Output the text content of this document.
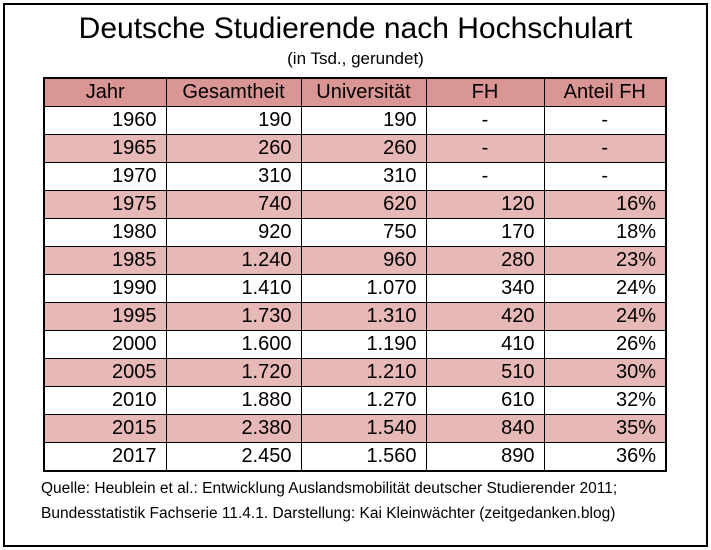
Deutsche Studierende nach Hochschulart
(in Tsd., gerundet)
Jahr	Gesamtheit	Universität	FH	Anteil FH
1960	190	190	-	-
1965	260	260	-	-
1970	310	310	-	-
1975	740	620	120	16%
1980	920	750	170	18%
1985	1.240	960	280	23%
1990	1.410	1.070	340	24%
1995	1.730	1.310	420	24%
2000	1.600	1.190	410	26%
2005	1.720	1.210	510	30%
2010	1.880	1.270	610	32%
2015	2.380	1.540	840	35%
2017	2.450	1.560	890	36%
Quelle: Heublein et al.: Entwicklung Auslandsmobilität deutscher Studierender 2011;
Bundesstatistik Fachserie 11.4.1. Darstellung: Kai Kleinwächter (zeitgedanken.blog)
